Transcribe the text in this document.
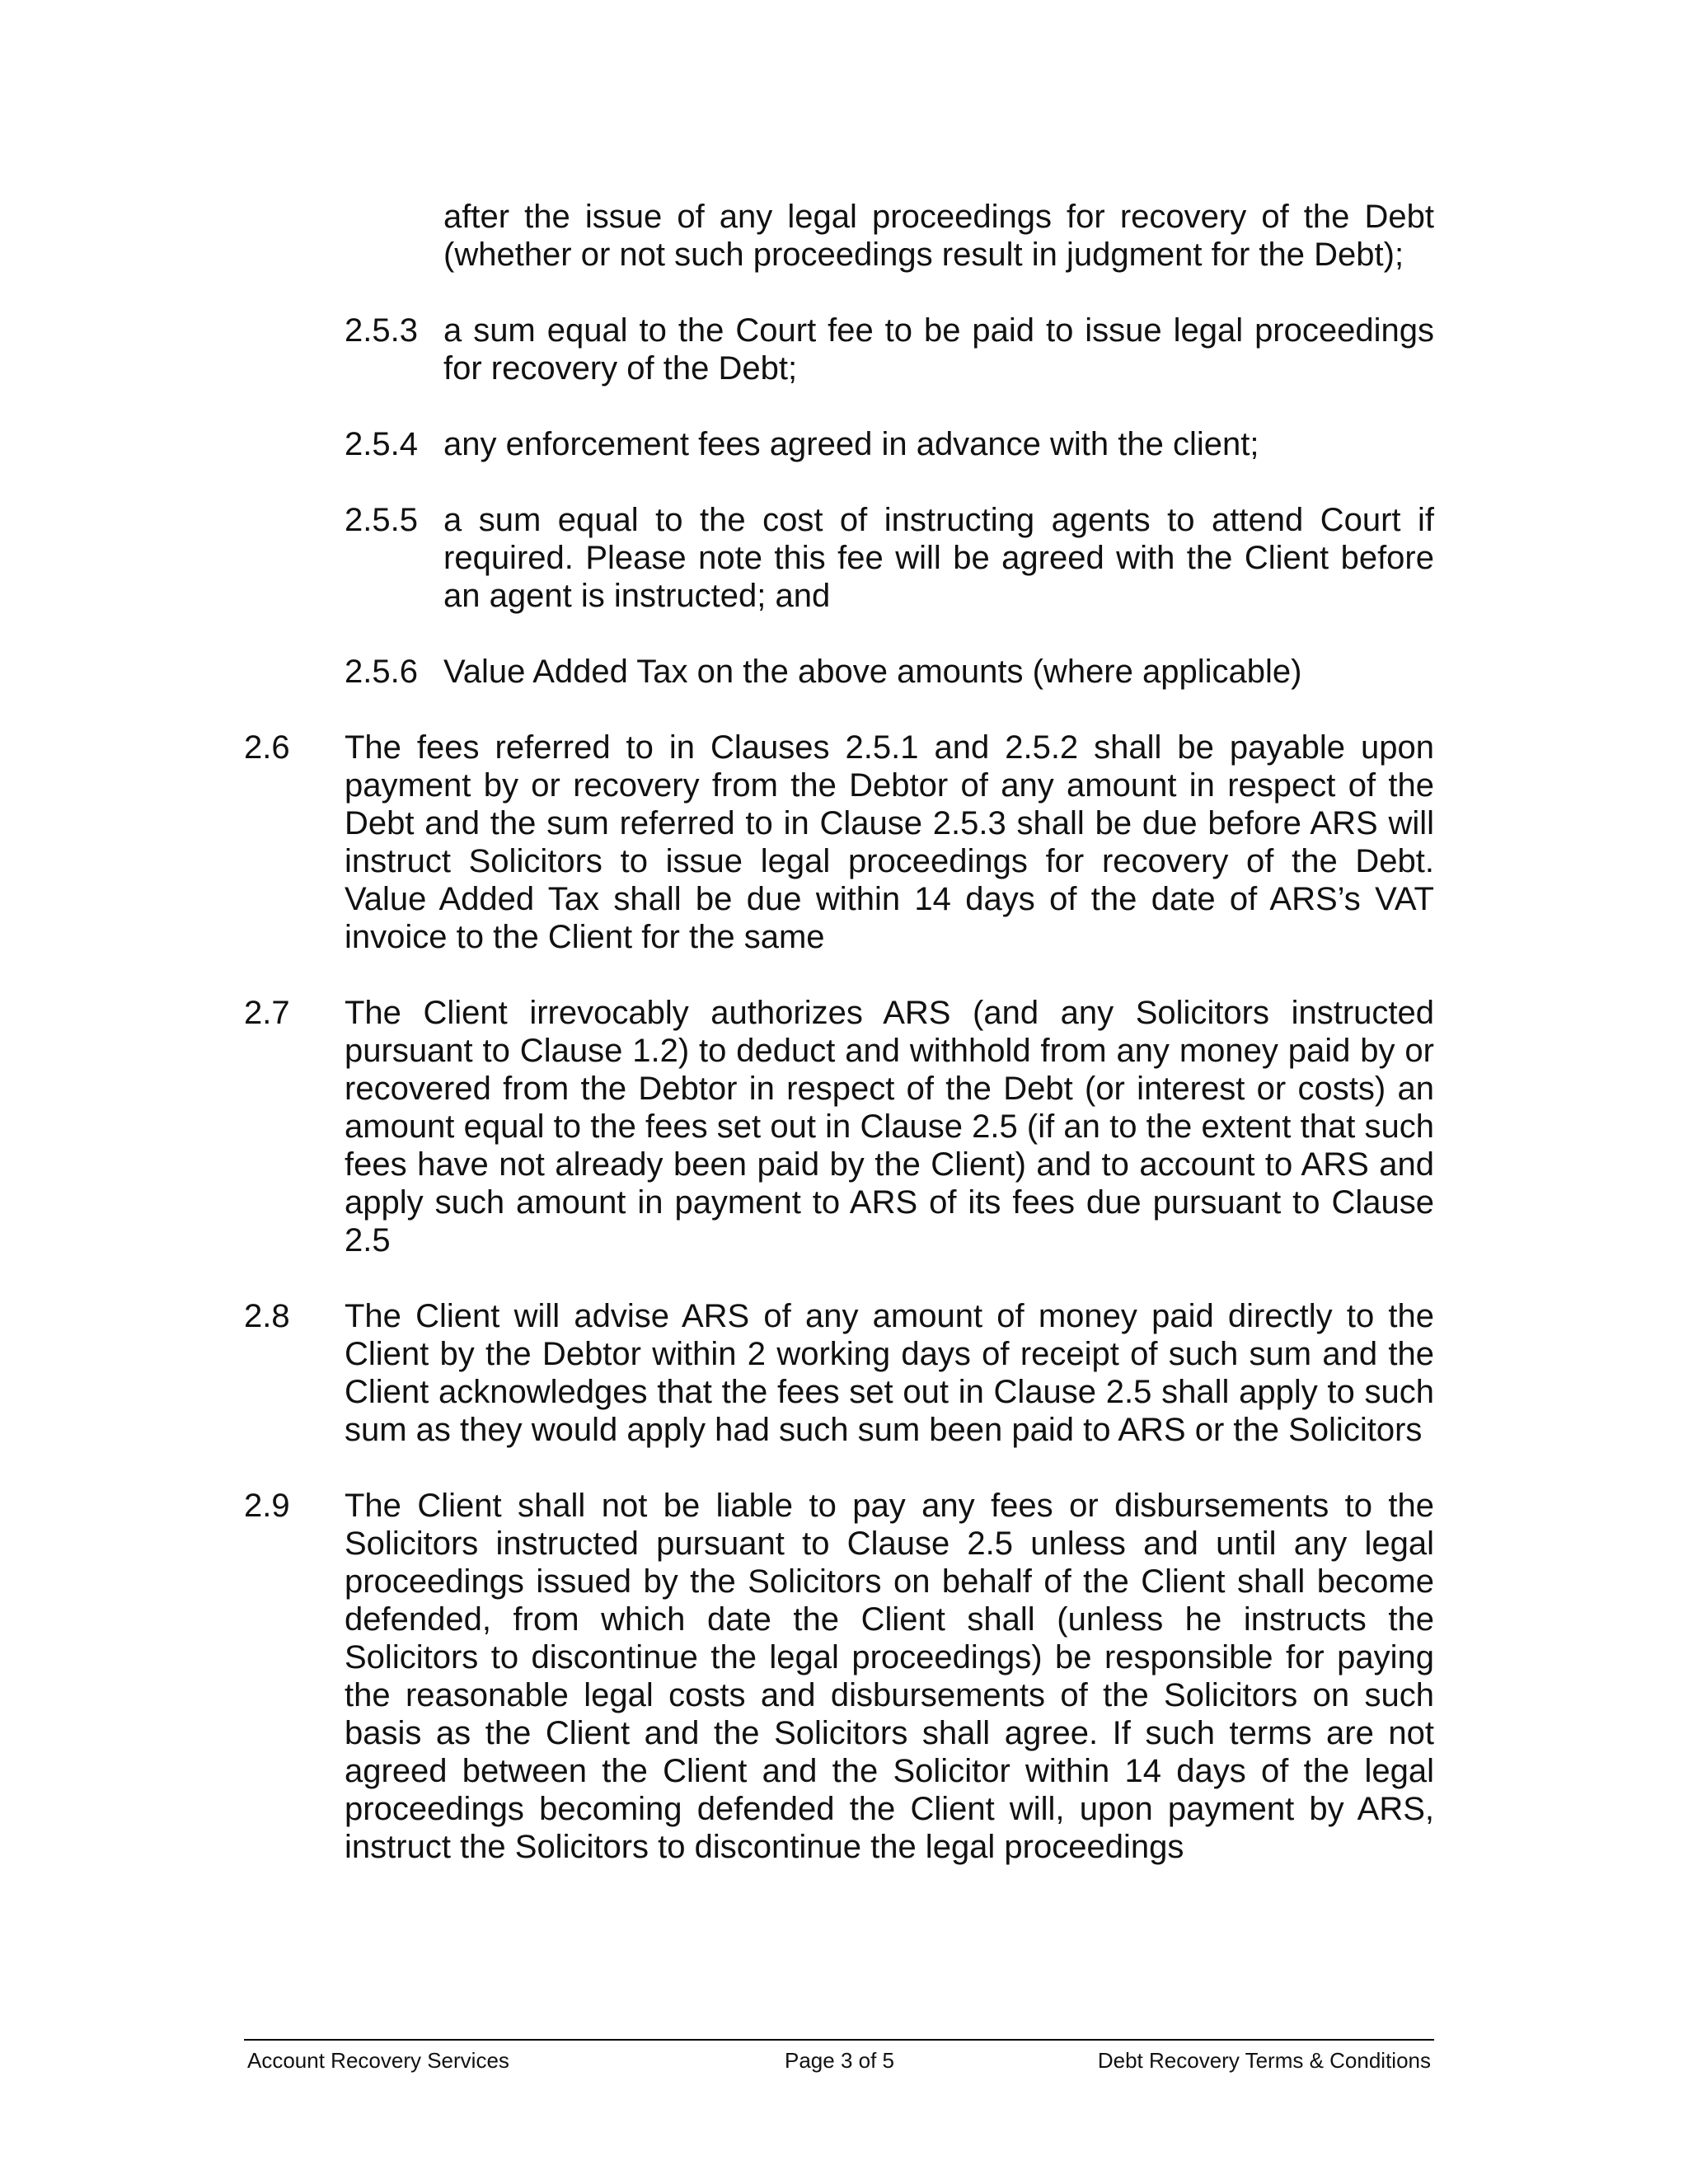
after the issue of any legal proceedings for recovery of the Debt (whether or not such proceedings result in judgment for the Debt);
2.5.3 a sum equal to the Court fee to be paid to issue legal proceedings for recovery of the Debt;
2.5.4 any enforcement fees agreed in advance with the client;
2.5.5 a sum equal to the cost of instructing agents to attend Court if required. Please note this fee will be agreed with the Client before an agent is instructed; and
2.5.6 Value Added Tax on the above amounts (where applicable)
2.6 The fees referred to in Clauses 2.5.1 and 2.5.2 shall be payable upon payment by or recovery from the Debtor of any amount in respect of the Debt and the sum referred to in Clause 2.5.3 shall be due before ARS will instruct Solicitors to issue legal proceedings for recovery of the Debt. Value Added Tax shall be due within 14 days of the date of ARS’s VAT invoice to the Client for the same
2.7 The Client irrevocably authorizes ARS (and any Solicitors instructed pursuant to Clause 1.2) to deduct and withhold from any money paid by or recovered from the Debtor in respect of the Debt (or interest or costs) an amount equal to the fees set out in Clause 2.5 (if an to the extent that such fees have not already been paid by the Client) and to account to ARS and apply such amount in payment to ARS of its fees due pursuant to Clause 2.5
2.8 The Client will advise ARS of any amount of money paid directly to the Client by the Debtor within 2 working days of receipt of such sum and the Client acknowledges that the fees set out in Clause 2.5 shall apply to such sum as they would apply had such sum been paid to ARS or the Solicitors
2.9 The Client shall not be liable to pay any fees or disbursements to the Solicitors instructed pursuant to Clause 2.5 unless and until any legal proceedings issued by the Solicitors on behalf of the Client shall become defended, from which date the Client shall (unless he instructs the Solicitors to discontinue the legal proceedings) be responsible for paying the reasonable legal costs and disbursements of the Solicitors on such basis as the Client and the Solicitors shall agree. If such terms are not agreed between the Client and the Solicitor within 14 days of the legal proceedings becoming defended the Client will, upon payment by ARS, instruct the Solicitors to discontinue the legal proceedings
Account Recovery Services	Page 3 of 5	Debt Recovery Terms & Conditions
